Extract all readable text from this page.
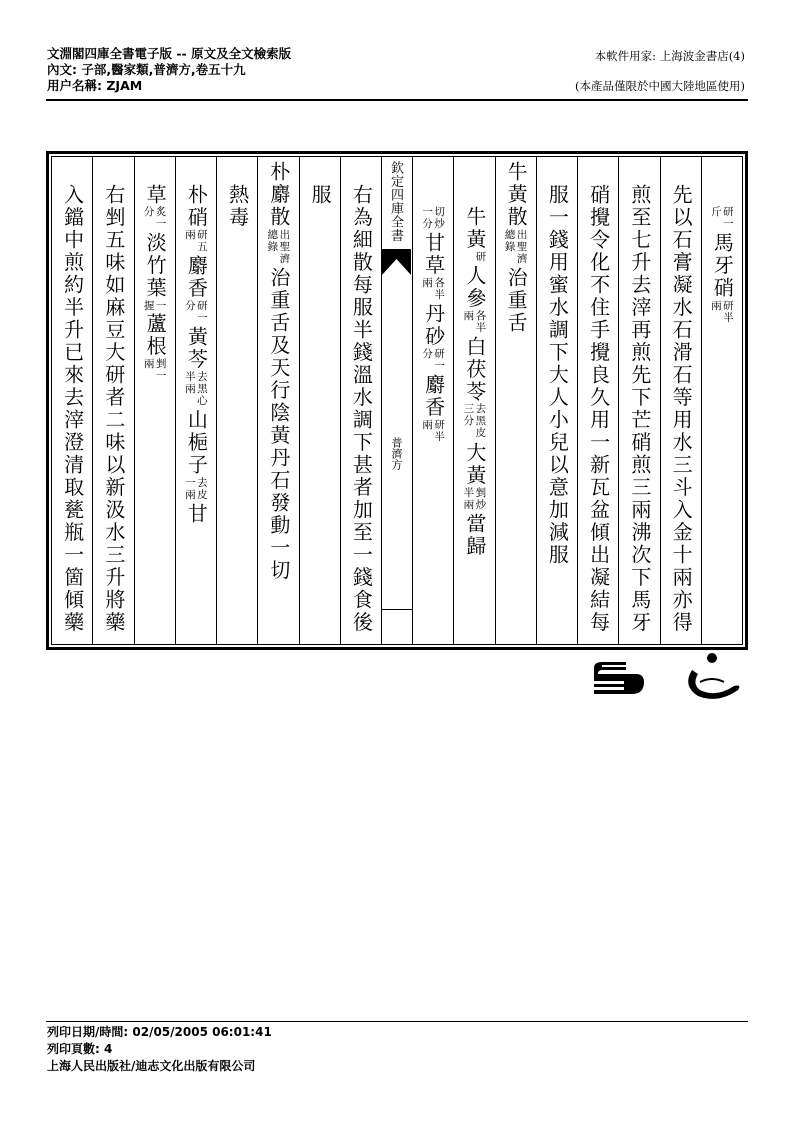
文淵閣四庫全書電子版 -- 原文及全文檢索版
內文: 子部,醫家類,普濟方,卷五十九
用户名稱: ZJAM
本軟件用家: 上海波金書店(4)
(本產品僅限於中國大陸地區使用)
研一斤
馬牙硝
研半兩
先以石膏凝水石滑石等用水三斗入金十兩亦得
煎至七升去滓再煎先下芒硝煎三兩沸次下馬牙
硝攪令化不住手攪良久用一新瓦盆傾出凝結每
服一錢用蜜水調下大人小兒以意加減服
牛黃散
出聖濟總錄
治重舌
牛黃
研
人參
各半兩
白茯苓
去黑皮三分
大黃
剉炒半兩
當歸
切炒一分
甘草
各半兩
丹砂
研一分
麝香
研半兩
欽定四庫全書
普濟方
右為細散每服半錢溫水調下甚者加至一錢食後
服
朴麝散
出聖濟總錄
治重舌及天行陰黃丹石發動一切
熱毒
朴硝
研五兩
麝香
研一分
黃芩
去黑心半兩
山梔子
去皮一兩
甘
草
炙一分
淡竹葉
一握
蘆根
剉一兩
右剉五味如麻豆大研者二味以新汲水三升將藥
入鐺中煎約半升已來去滓澄清取甆瓶一箇傾藥
列印日期/時間: 02/05/2005 06:01:41
列印頁數: 4
上海人民出版社/迪志文化出版有限公司
